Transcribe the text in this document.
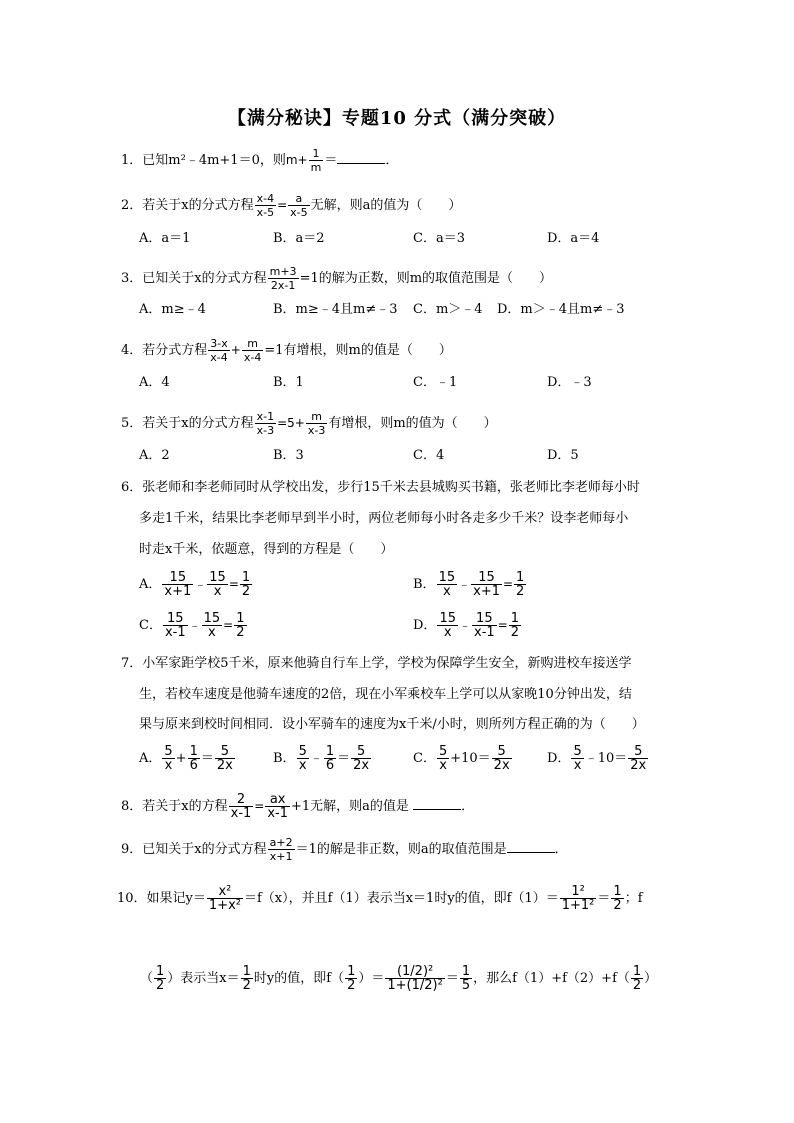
【满分秘诀】专题10 分式（满分突破）
1．已知m²﹣4m+1＝0，则$m+ \frac{1}{m}$ ＝	．
2．若关于x的分式方程 $\frac{x-4}{x-5} = \frac{a}{x-5}$ 无解，则a的值为（　　）
A．a＝1	B．a＝2	C．a＝3	D．a＝4
3．已知关于x的分式方程 $\frac{m+3}{2x-1} =1$的解为正数，则m的取值范围是（　　）
A．m≥﹣4	B．m≥﹣4且m≠﹣3 C．m＞﹣4 D．m＞﹣4且m≠﹣3
4．若分式方程 $\frac{3-x}{x-4} + \frac{m}{x-4} =1$有增根，则m的值是（　　）
A．4	B．1	C．﹣1	D．﹣3
5．若关于x的分式方程 $\frac{x-1}{x-3} =5+ \frac{m}{x-3}$ 有增根，则m的值为（　　）
A．2	B．3	C．4	D．5
6．张老师和李老师同时从学校出发，步行15千米去县城购买书籍，张老师比李老师每小时
多走1千米，结果比李老师早到半小时，两位老师每小时各走多少千米？设李老师每小
时走x千米，依题意，得到的方程是（　　）
A． $\frac{15}{x+1}$ ﹣ $\frac{15}{x} = \frac{1}{2}$	B． $\frac{15}{x}$ ﹣ $\frac{15}{x+1} = \frac{1}{2}$
C． $\frac{15}{x-1}$ ﹣ $\frac{15}{x} = \frac{1}{2}$	D． $\frac{15}{x}$ ﹣ $\frac{15}{x-1} = \frac{1}{2}$
7．小军家距学校5千米，原来他骑自行车上学，学校为保障学生安全，新购进校车接送学
生，若校车速度是他骑车速度的2倍，现在小军乘校车上学可以从家晚10分钟出发，结
果与原来到校时间相同．设小军骑车的速度为x千米/小时，则所列方程正确的为（　　）
A． $\frac{5}{x} + \frac{1}{6} = \frac{5}{2x}$	B． $\frac{5}{x}$ ﹣ $\frac{1}{6} = \frac{5}{2x}$	C． $\frac{5}{x} +10= \frac{5}{2x}$	D． $\frac{5}{x}$ ﹣10＝ $\frac{5}{2x}$
8．若关于x的方程 $\frac{2}{x-1} = \frac{ax}{x-1} +1$无解，则a的值是	．
9．已知关于x的分式方程 $\frac{a+2}{x+1} =1$的解是非正数，则a的取值范围是	．
10．如果记$y= \frac{\text{x²}}{\text{1+x²}} =f(x)$，并且f（1）表示当x＝1时y的值，即$f(1)= \frac{\text{1²}}{\text{1+1²}} = \frac{1}{2}$ ；f
（ $\frac{1}{2}$ ）表示当$x= \frac{1}{2}$ 时y的值，即$f( \frac{1}{2}$ ）＝ $\frac{\text{(1/2)²}}{\text{1+(1/2)²}} = \frac{1}{5}$ ，那么$f(1)+f(2)+f( \frac{1}{2}$ ）
